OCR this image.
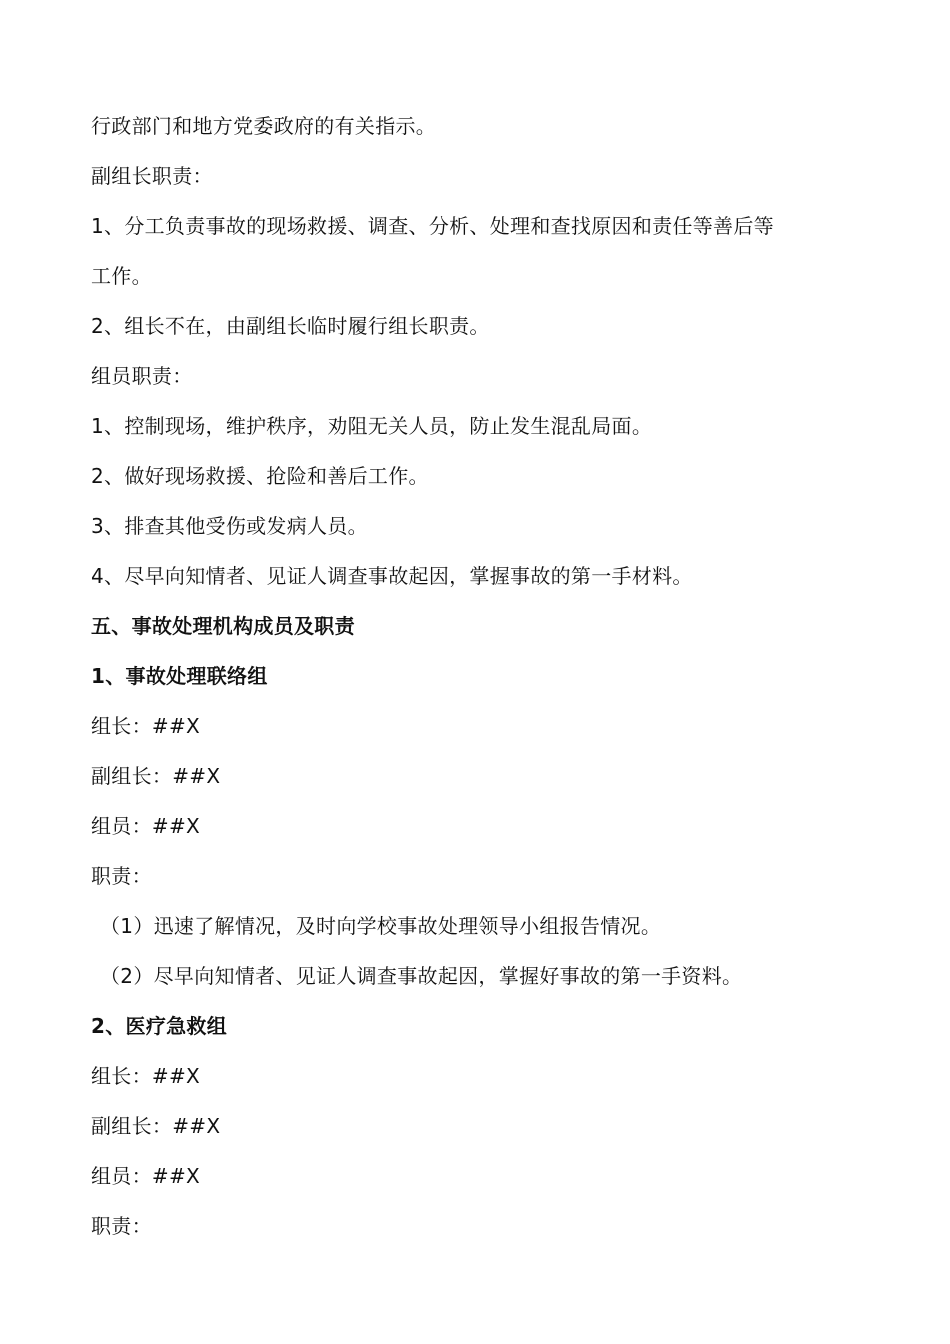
行政部门和地方党委政府的有关指示。
副组长职责：
1、分工负责事故的现场救援、调查、分析、处理和查找原因和责任等善后等
工作。
2、组长不在，由副组长临时履行组长职责。
组员职责：
1、控制现场，维护秩序，劝阻无关人员，防止发生混乱局面。
2、做好现场救援、抢险和善后工作。
3、排查其他受伤或发病人员。
4、尽早向知情者、见证人调查事故起因，掌握事故的第一手材料。
五、事故处理机构成员及职责
1、事故处理联络组
组长：##X
副组长：##X
组员：##X
职责：
（1）迅速了解情况，及时向学校事故处理领导小组报告情况。
（2）尽早向知情者、见证人调查事故起因，掌握好事故的第一手资料。
2、医疗急救组
组长：##X
副组长：##X
组员：##X
职责：
